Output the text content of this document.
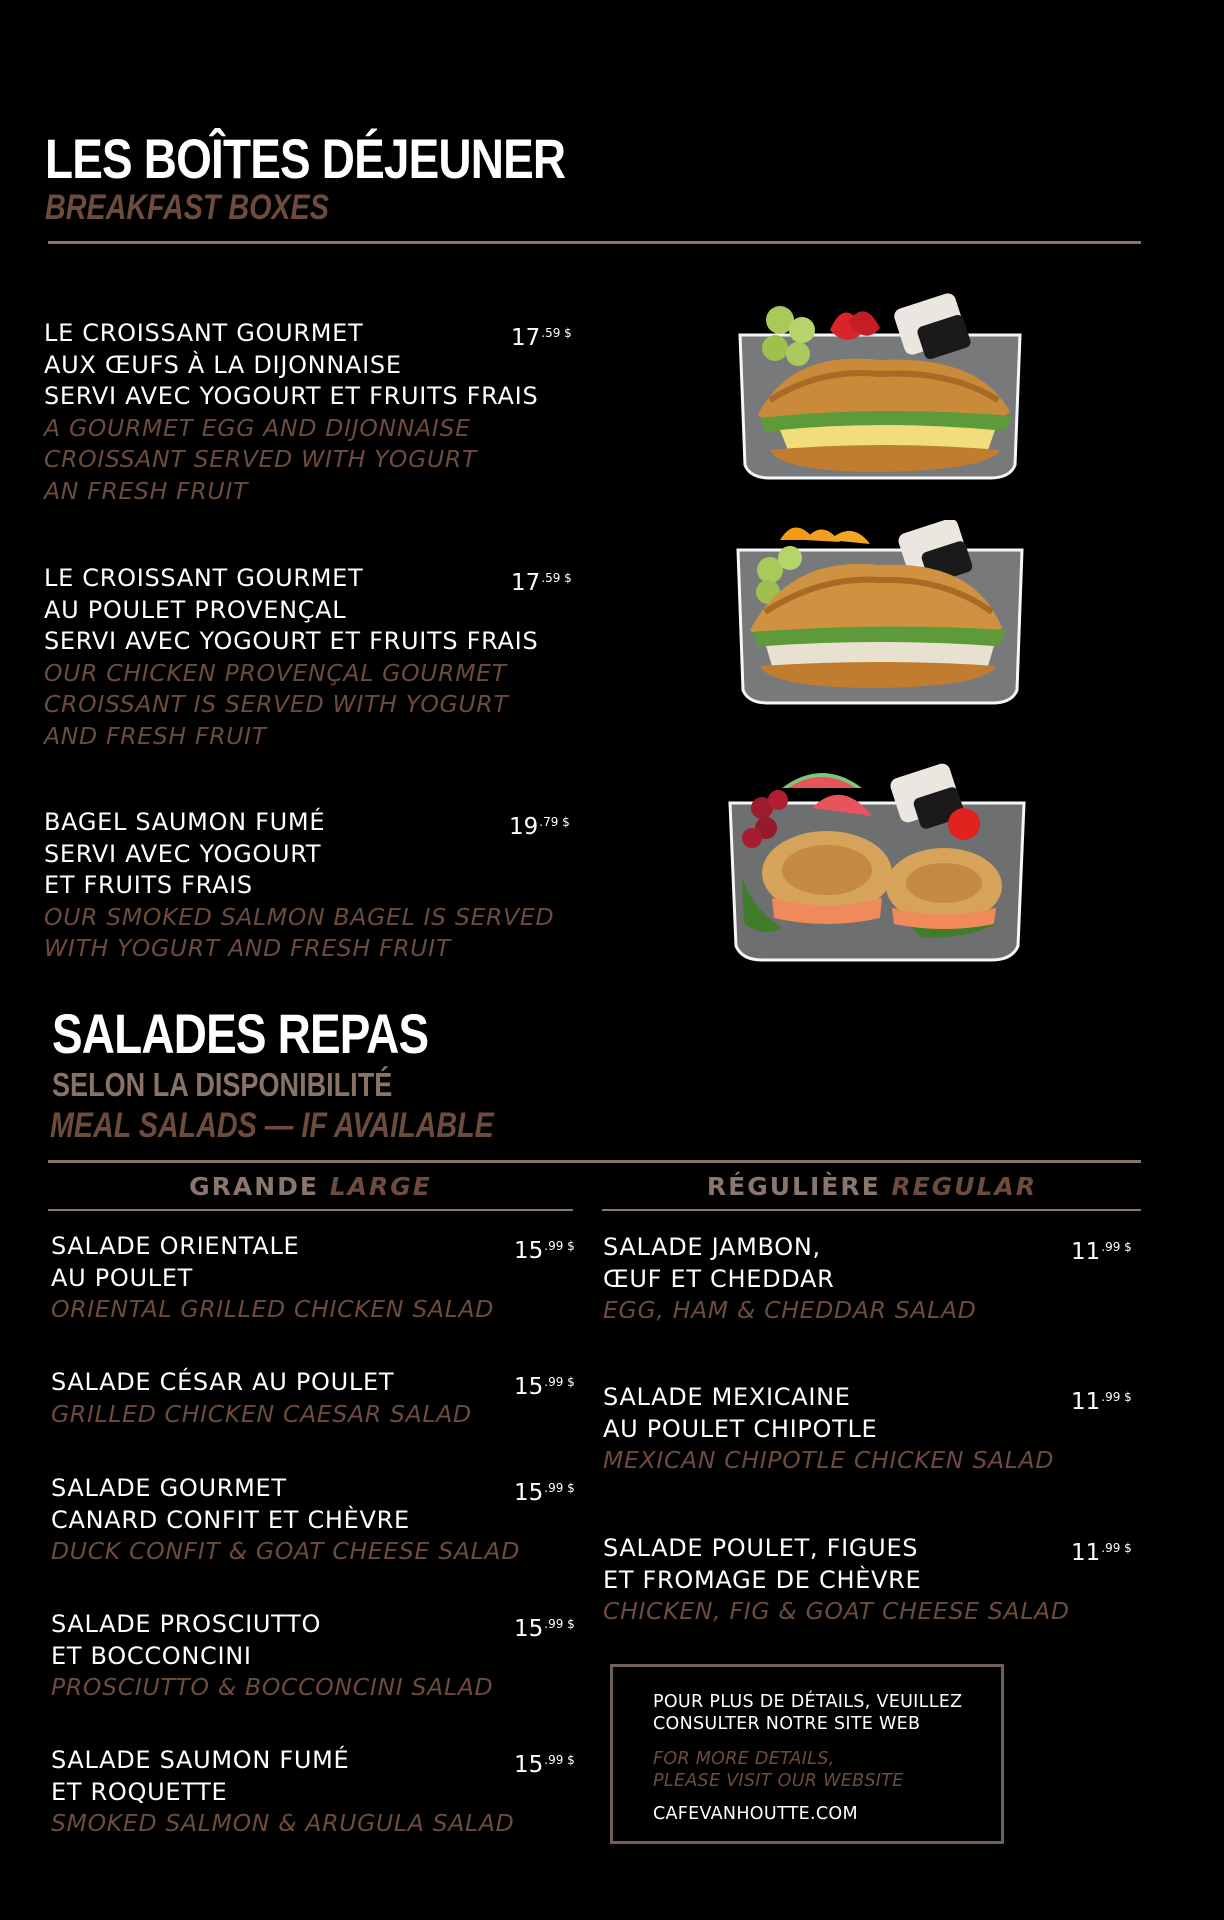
LES BOÎTES DÉJEUNER
BREAKFAST BOXES
LE CROISSANT GOURMET
AUX ŒUFS À LA DIJONNAISE
SERVI AVEC YOGOURT ET FRUITS FRAIS
A GOURMET EGG AND DIJONNAISE
CROISSANT SERVED WITH YOGURT
AN FRESH FRUIT
$17^{.59 \$}$
LE CROISSANT GOURMET
AU POULET PROVENÇAL
SERVI AVEC YOGOURT ET FRUITS FRAIS
OUR CHICKEN PROVENÇAL GOURMET
CROISSANT IS SERVED WITH YOGURT
AND FRESH FRUIT
$17^{.59 \$}$
BAGEL SAUMON FUMÉ
SERVI AVEC YOGOURT
ET FRUITS FRAIS
OUR SMOKED SALMON BAGEL IS SERVED
WITH YOGURT AND FRESH FRUIT
$19^{.79 \$}$
SALADES REPAS
SELON LA DISPONIBILITÉ
MEAL SALADS — IF AVAILABLE
GRANDE LARGE	RÉGULIÈRE REGULAR
SALADE ORIENTALE
AU POULET
ORIENTAL GRILLED CHICKEN SALAD
$15^{.99 \$}$
SALADE CÉSAR AU POULET
GRILLED CHICKEN CAESAR SALAD
$15^{.99 \$}$
SALADE GOURMET
CANARD CONFIT ET CHÈVRE
DUCK CONFIT & GOAT CHEESE SALAD
$15^{.99 \$}$
SALADE PROSCIUTTO
ET BOCCONCINI
PROSCIUTTO & BOCCONCINI SALAD
$15^{.99 \$}$
SALADE SAUMON FUMÉ
ET ROQUETTE
SMOKED SALMON & ARUGULA SALAD
$15^{.99 \$}$
SALADE JAMBON,
ŒUF ET CHEDDAR
EGG, HAM & CHEDDAR SALAD
$11^{.99 \$}$
SALADE MEXICAINE
AU POULET CHIPOTLE
MEXICAN CHIPOTLE CHICKEN SALAD
$11^{.99 \$}$
SALADE POULET, FIGUES
ET FROMAGE DE CHÈVRE
CHICKEN, FIG & GOAT CHEESE SALAD
$11^{.99 \$}$
POUR PLUS DE DÉTAILS, VEUILLEZ
CONSULTER NOTRE SITE WEB
FOR MORE DETAILS,
PLEASE VISIT OUR WEBSITE
CAFEVANHOUTTE.COM
